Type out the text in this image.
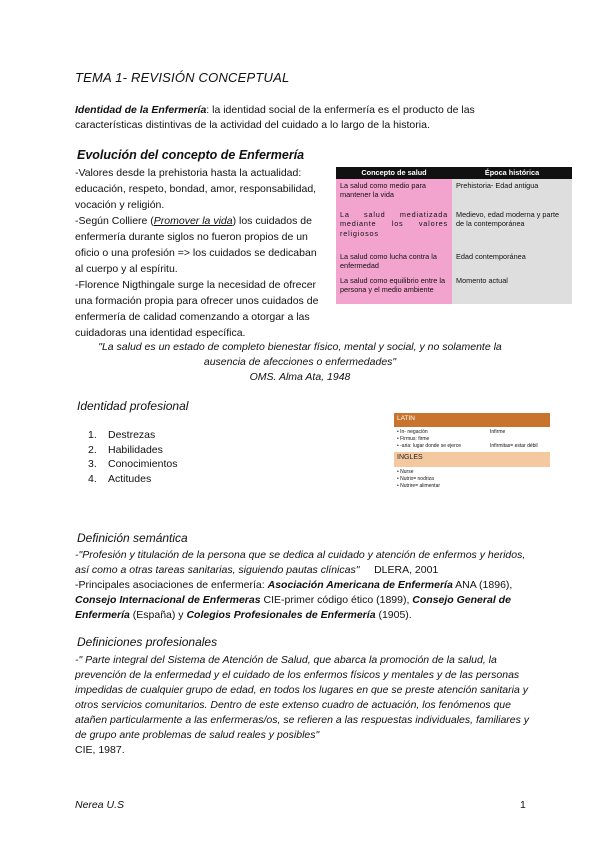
TEMA 1- REVISIÓN CONCEPTUAL
Identidad de la Enfermería: la identidad social de la enfermería es el producto de las características distintivas de la actividad del cuidado a lo largo de la historia.
Evolución del concepto de Enfermería
-Valores desde la prehistoria hasta la actualidad: educación, respeto, bondad, amor, responsabilidad, vocación y religión.
-Según Colliere (Promover la vida) los cuidados de enfermería durante siglos no fueron propios de un oficio o una profesión => los cuidados se dedicaban al cuerpo y al espíritu.
-Florence Nigthingale surge la necesidad de ofrecer una formación propia para ofrecer unos cuidados de enfermería de calidad comenzando a otorgar a las cuidadoras una identidad específica.
Concepto de salud	Época histórica
La salud como medio para mantener la vida	Prehistoria- Edad antigua
La salud mediatizada mediante los valores religiosos	Medievo, edad moderna y parte de la contemporánea
La salud como lucha contra la enfermedad	Edad contemporánea
La salud como equilibrio entre la persona y el medio ambiente	Momento actual
"La salud es un estado de completo bienestar físico, mental y social, y no solamente la
ausencia de afecciones o enfermedades"
OMS. Alma Ata, 1948
Identidad profesional
1. Destrezas
2. Habilidades
3. Conocimientos
4. Actitudes
LATIN
• In- negación	Infirme
• Firmus: firme
• -aria: lugar donde se ejerce	Infirmitas= estar débil
INGLES
• Nurse
• Nutrix= nodriza
• Nutrire= alimentar
Definición semántica
-"Profesión y titulación de la persona que se dedica al cuidado y atención de enfermos y heridos, así como a otras tareas sanitarias, siguiendo pautas clínicas" DLERA, 2001
-Principales asociaciones de enfermería: Asociación Americana de Enfermería ANA (1896), Consejo Internacional de Enfermeras CIE-primer código ético (1899), Consejo General de Enfermería (España) y Colegios Profesionales de Enfermería (1905).
Definiciones profesionales
-" Parte integral del Sistema de Atención de Salud, que abarca la promoción de la salud, la prevención de la enfermedad y el cuidado de los enfermos físicos y mentales y de las personas impedidas de cualquier grupo de edad, en todos los lugares en que se preste atención sanitaria y otros servicios comunitarios. Dentro de este extenso cuadro de actuación, los fenómenos que atañen particularmente a las enfermeras/os, se refieren a las respuestas individuales, familiares y de grupo ante problemas de salud reales y posibles"
CIE, 1987.
Nerea U.S	1
